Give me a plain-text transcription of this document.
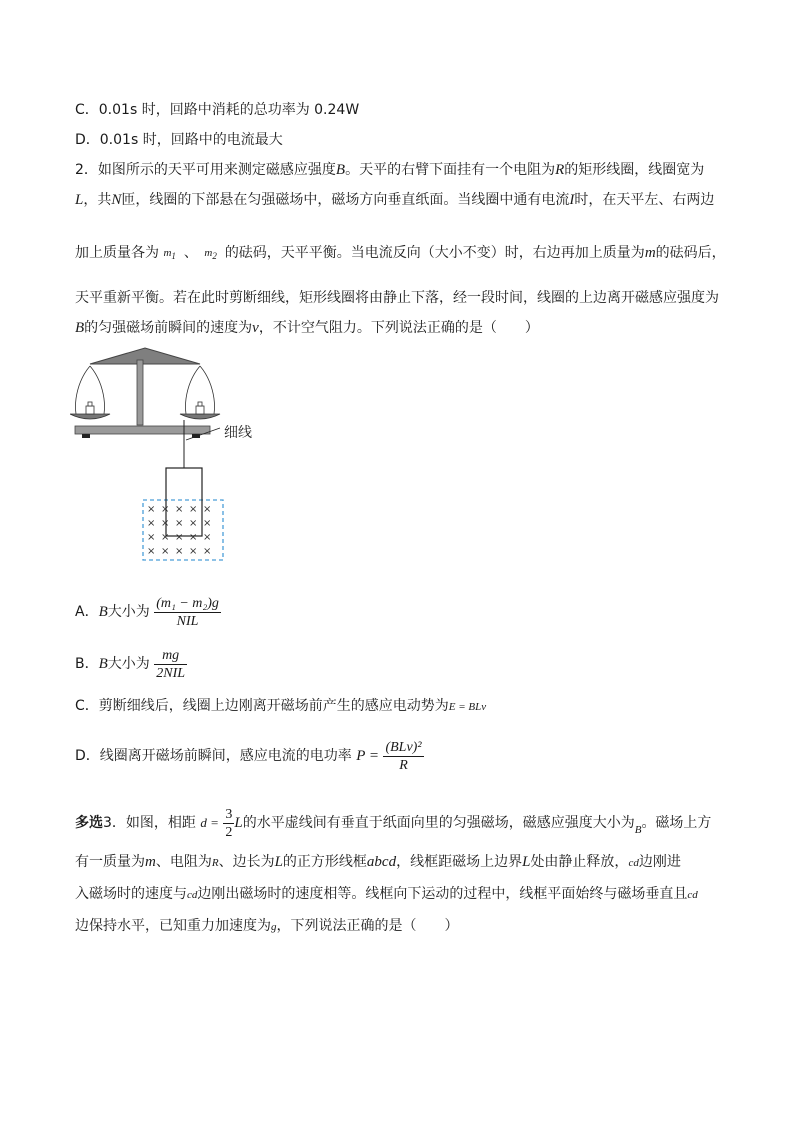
C．0.01s 时，回路中消耗的总功率为 0.24W
D．0.01s 时，回路中的电流最大
2．如图所示的天平可用来测定磁感应强度B。天平的右臂下面挂有一个电阻为R的矩形线圈，线圈宽为
L，共N匝，线圈的下部悬在匀强磁场中，磁场方向垂直纸面。当线圈中通有电流I时，在天平左、右两边
加上质量各为 $m_1$ 、 $m_2$ 的砝码，天平平衡。当电流反向（大小不变）时，右边再加上质量为m的砝码后，
天平重新平衡。若在此时剪断细线，矩形线圈将由静止下落，经一段时间，线圈的上边离开磁感应强度为
B的匀强磁场前瞬间的速度为v，不计空气阻力。下列说法正确的是（　　）
细线
× × × × ×
× × × × ×
× × × × ×
× × × × ×
A．B大小为 $\frac{\text{(m₁ − m₂)g}}{\text{NIL}}$
B．B大小为 $\frac{mg}{\text{2NIL}}$
C．剪断细线后，线圈上边刚离开磁场前产生的感应电动势为E = BLv
D．线圈离开磁场前瞬间，感应电流的电功率 $P = \frac{\text{(BLv)²}}{R}$
多选3．如图，相距 $d = \frac{3}{2}$ L的水平虚线间有垂直于纸面向里的匀强磁场，磁感应强度大小为$_B$。磁场上方
有一质量为m、电阻为R、边长为L的正方形线框abcd，线框距磁场上边界L处由静止释放，cd边刚进
入磁场时的速度与cd边刚出磁场时的速度相等。线框向下运动的过程中，线框平面始终与磁场垂直且cd
边保持水平，已知重力加速度为g，下列说法正确的是（　　）
